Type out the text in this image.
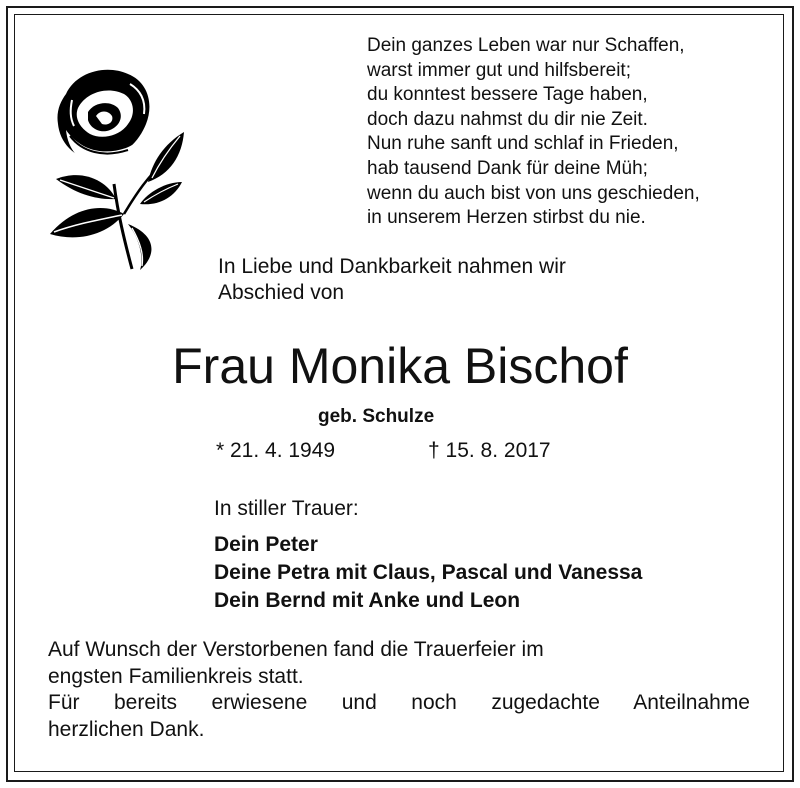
Dein ganzes Leben war nur Schaffen,
warst immer gut und hilfsbereit;
du konntest bessere Tage haben,
doch dazu nahmst du dir nie Zeit.
Nun ruhe sanft und schlaf in Frieden,
hab tausend Dank für deine Müh;
wenn du auch bist von uns geschieden,
in unserem Herzen stirbst du nie.
In Liebe und Dankbarkeit nahmen wir
Abschied von
Frau Monika Bischof
geb. Schulze
* 21. 4. 1949	† 15. 8. 2017
In stiller Trauer:
Dein Peter
Deine Petra mit Claus, Pascal und Vanessa
Dein Bernd mit Anke und Leon
Auf Wunsch der Verstorbenen fand die Trauerfeier im
engsten Familienkreis statt.
Für bereits erwiesene und noch zugedachte Anteilnahme
herzlichen Dank.
